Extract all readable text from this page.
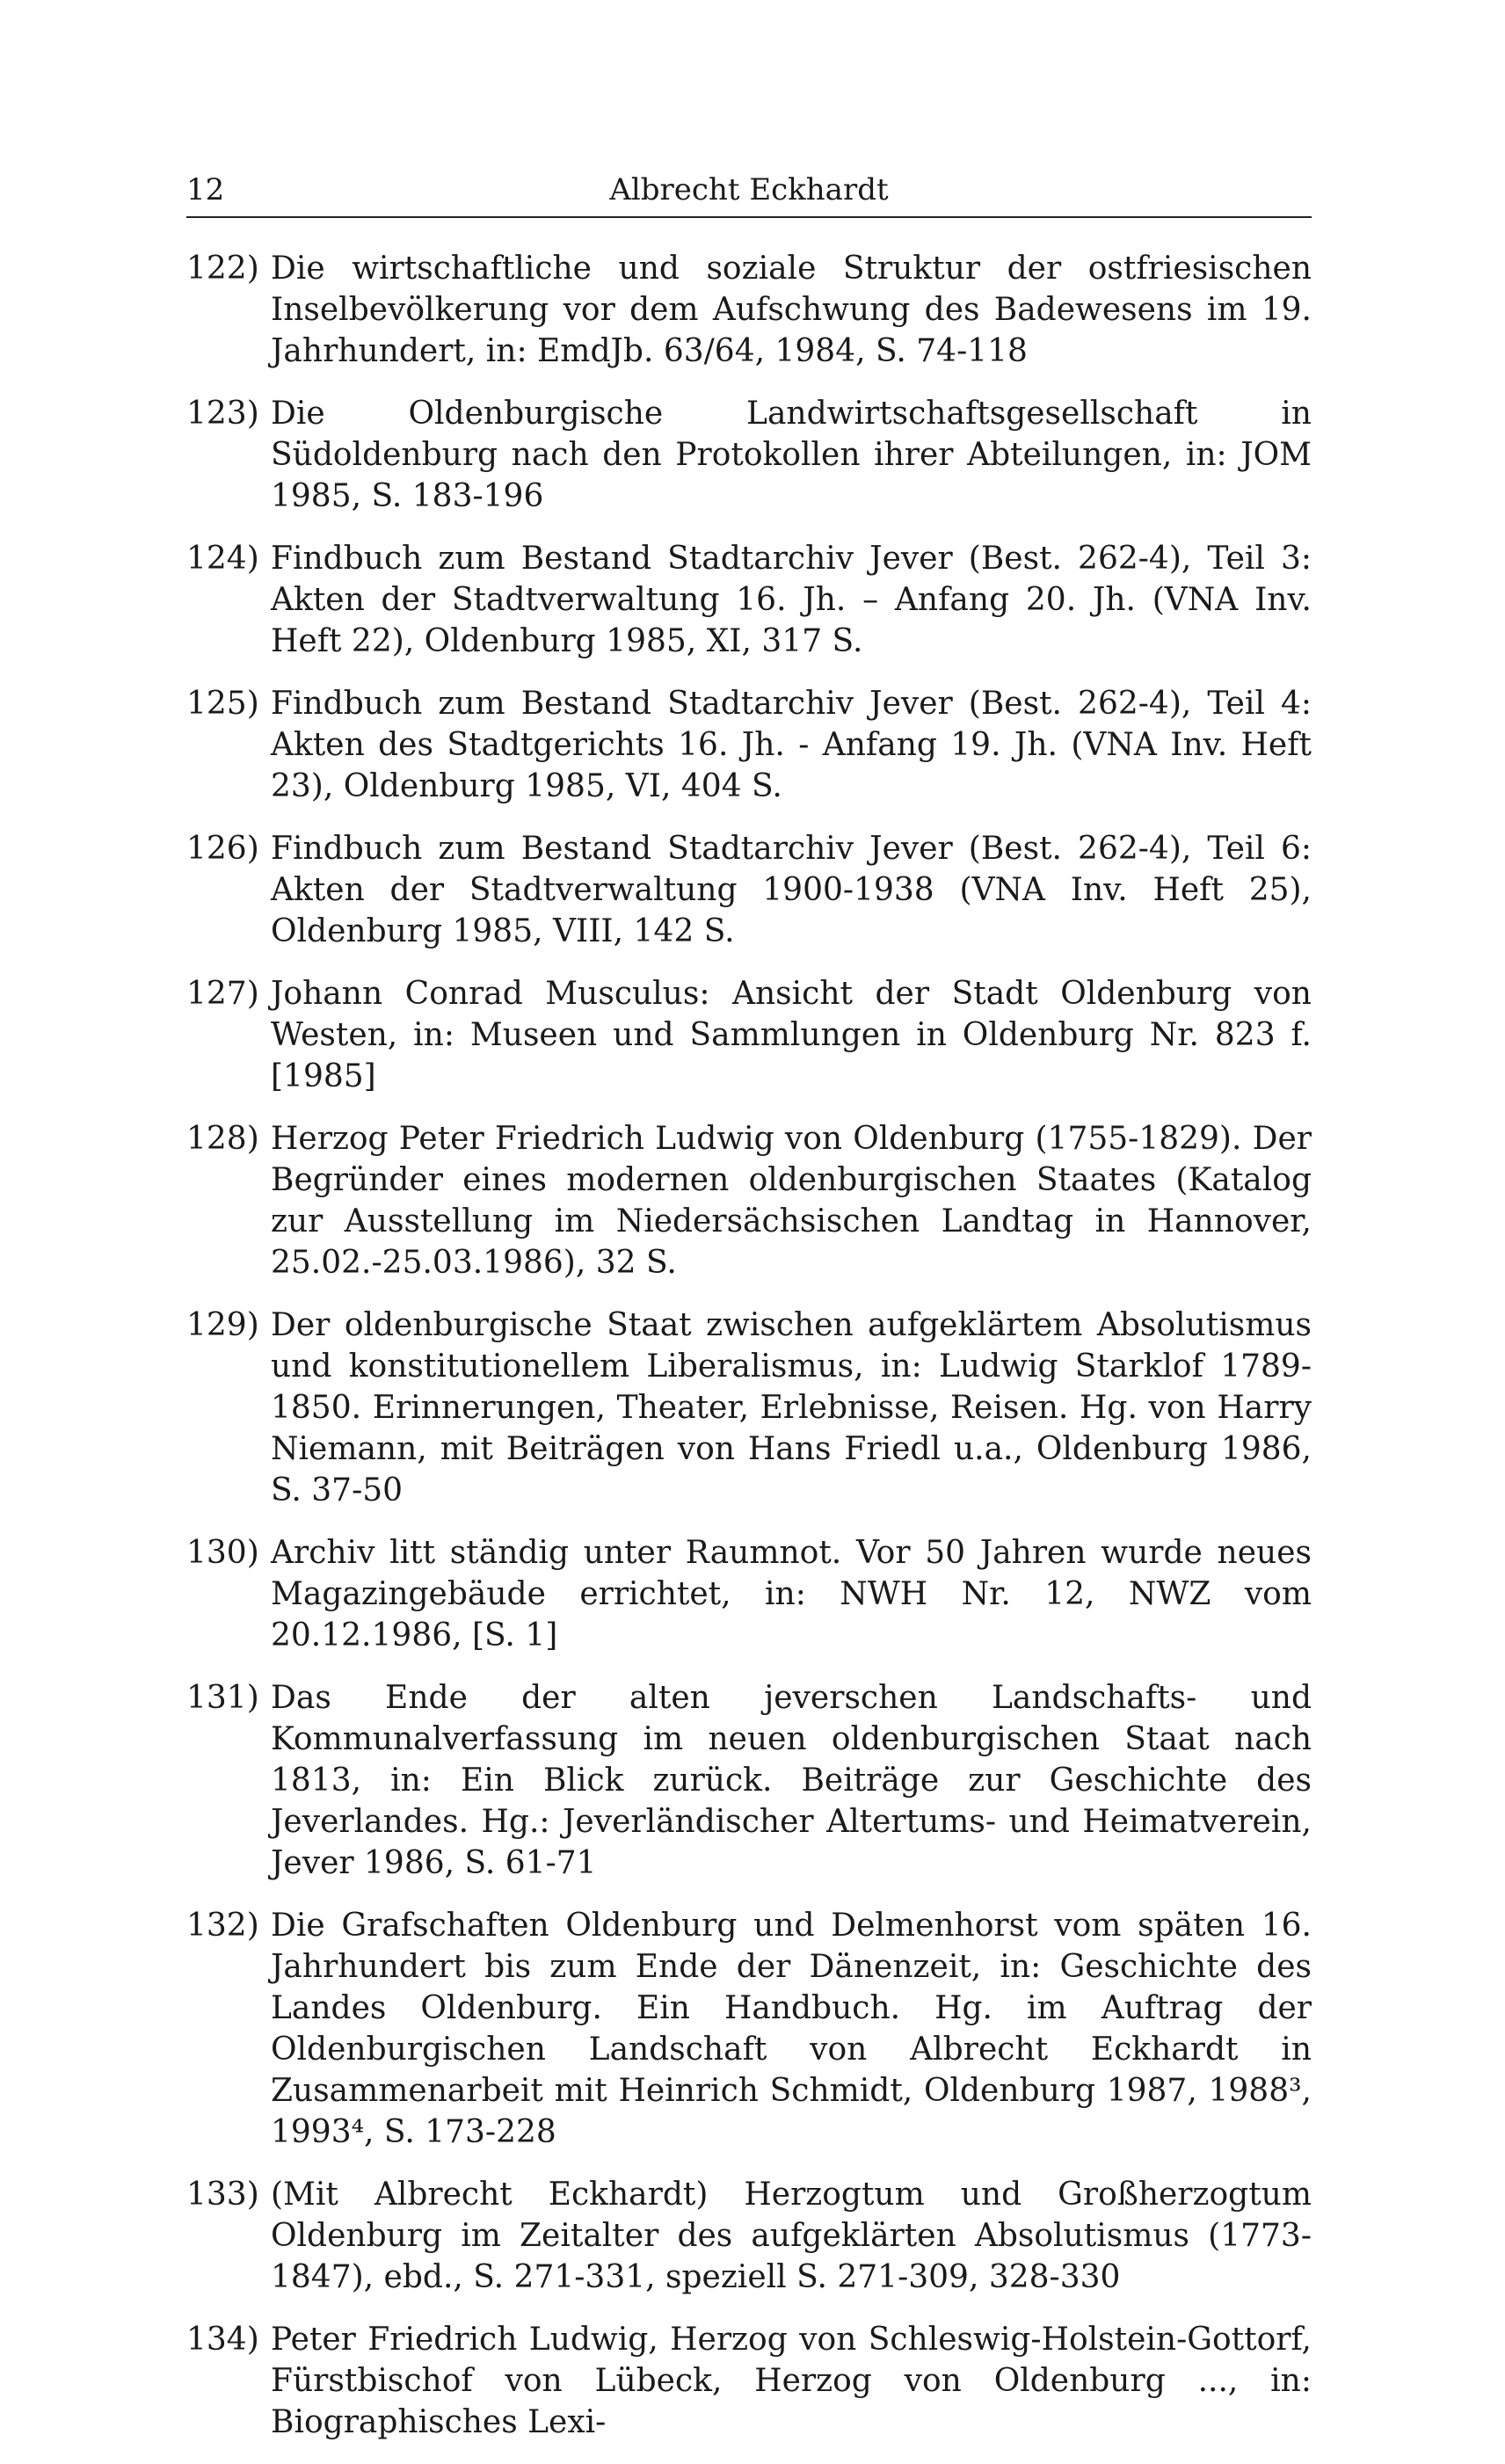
12	Albrecht Eckhardt
122) Die wirtschaftliche und soziale Struktur der ostfriesischen Inselbevölkerung vor dem Aufschwung des Badewesens im 19. Jahrhundert, in: EmdJb. 63/64, 1984, S. 74-118
123) Die Oldenburgische Landwirtschaftsgesellschaft in Südoldenburg nach den Protokollen ihrer Abteilungen, in: JOM 1985, S. 183-196
124) Findbuch zum Bestand Stadtarchiv Jever (Best. 262-4), Teil 3: Akten der Stadtverwaltung 16. Jh. – Anfang 20. Jh. (VNA Inv. Heft 22), Oldenburg 1985, XI, 317 S.
125) Findbuch zum Bestand Stadtarchiv Jever (Best. 262-4), Teil 4: Akten des Stadtgerichts 16. Jh. - Anfang 19. Jh. (VNA Inv. Heft 23), Oldenburg 1985, VI, 404 S.
126) Findbuch zum Bestand Stadtarchiv Jever (Best. 262-4), Teil 6: Akten der Stadtverwaltung 1900-1938 (VNA Inv. Heft 25), Oldenburg 1985, VIII, 142 S.
127) Johann Conrad Musculus: Ansicht der Stadt Oldenburg von Westen, in: Museen und Sammlungen in Oldenburg Nr. 823 f. [1985]
128) Herzog Peter Friedrich Ludwig von Oldenburg (1755-1829). Der Begründer eines modernen oldenburgischen Staates (Katalog zur Ausstellung im Niedersächsischen Landtag in Hannover, 25.02.-25.03.1986), 32 S.
129) Der oldenburgische Staat zwischen aufgeklärtem Absolutismus und konstitutionellem Liberalismus, in: Ludwig Starklof 1789-1850. Erinnerungen, Theater, Erlebnisse, Reisen. Hg. von Harry Niemann, mit Beiträgen von Hans Friedl u.a., Oldenburg 1986, S. 37-50
130) Archiv litt ständig unter Raumnot. Vor 50 Jahren wurde neues Magazingebäude errichtet, in: NWH Nr. 12, NWZ vom 20.12.1986, [S. 1]
131) Das Ende der alten jeverschen Landschafts- und Kommunalverfassung im neuen oldenburgischen Staat nach 1813, in: Ein Blick zurück. Beiträge zur Geschichte des Jeverlandes. Hg.: Jeverländischer Altertums- und Heimatverein, Jever 1986, S. 61-71
132) Die Grafschaften Oldenburg und Delmenhorst vom späten 16. Jahrhundert bis zum Ende der Dänenzeit, in: Geschichte des Landes Oldenburg. Ein Handbuch. Hg. im Auftrag der Oldenburgischen Landschaft von Albrecht Eckhardt in Zusammenarbeit mit Heinrich Schmidt, Oldenburg 1987, 1988³, 1993⁴, S. 173-228
133) (Mit Albrecht Eckhardt) Herzogtum und Großherzogtum Oldenburg im Zeitalter des aufgeklärten Absolutismus (1773-1847), ebd., S. 271-331, speziell S. 271-309, 328-330
134) Peter Friedrich Ludwig, Herzog von Schleswig-Holstein-Gottorf, Fürstbischof von Lübeck, Herzog von Oldenburg ..., in: Biographisches Lexi-
